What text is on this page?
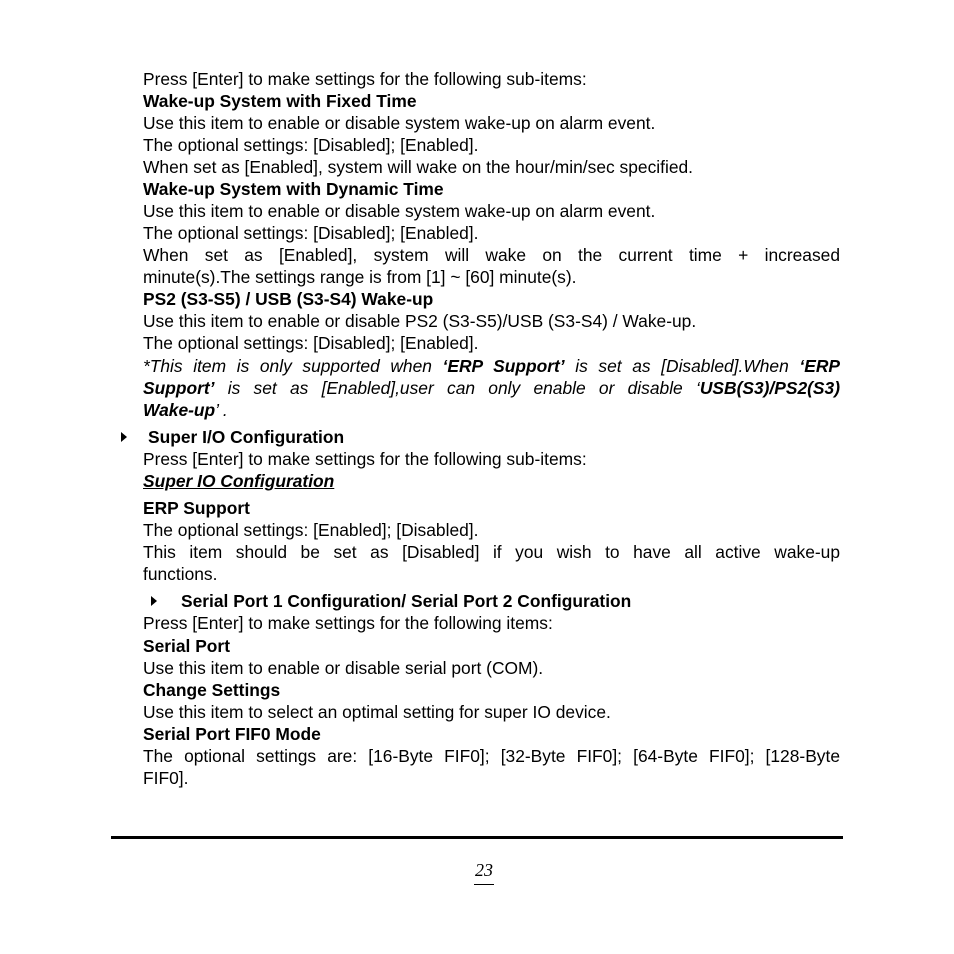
Press [Enter] to make settings for the following sub-items:
Wake-up System with Fixed Time
Use this item to enable or disable system wake-up on alarm event.
The optional settings: [Disabled]; [Enabled].
When set as [Enabled], system will wake on the hour/min/sec specified.
Wake-up System with Dynamic Time
Use this item to enable or disable system wake-up on alarm event.
The optional settings: [Disabled]; [Enabled].
When set as [Enabled], system will wake on the current time + increased
minute(s).The settings range is from [1] ~ [60] minute(s).
PS2 (S3-S5) / USB (S3-S4) Wake-up
Use this item to enable or disable PS2 (S3-S5)/USB (S3-S4) / Wake-up.
The optional settings: [Disabled]; [Enabled].
*This item is only supported when ‘ERP Support’ is set as [Disabled].When ‘ERP
Support’ is set as [Enabled],user can only enable or disable ‘USB(S3)/PS2(S3)
Wake-up’ .
Super I/O Configuration
Press [Enter] to make settings for the following sub-items:
Super IO Configuration
ERP Support
The optional settings: [Enabled]; [Disabled].
This item should be set as [Disabled] if you wish to have all active wake-up
functions.
Serial Port 1 Configuration/ Serial Port 2 Configuration
Press [Enter] to make settings for the following items:
Serial Port
Use this item to enable or disable serial port (COM).
Change Settings
Use this item to select an optimal setting for super IO device.
Serial Port FIF0 Mode
The optional settings are: [16-Byte FIF0]; [32-Byte FIF0]; [64-Byte FIF0]; [128-Byte
FIF0].
23
